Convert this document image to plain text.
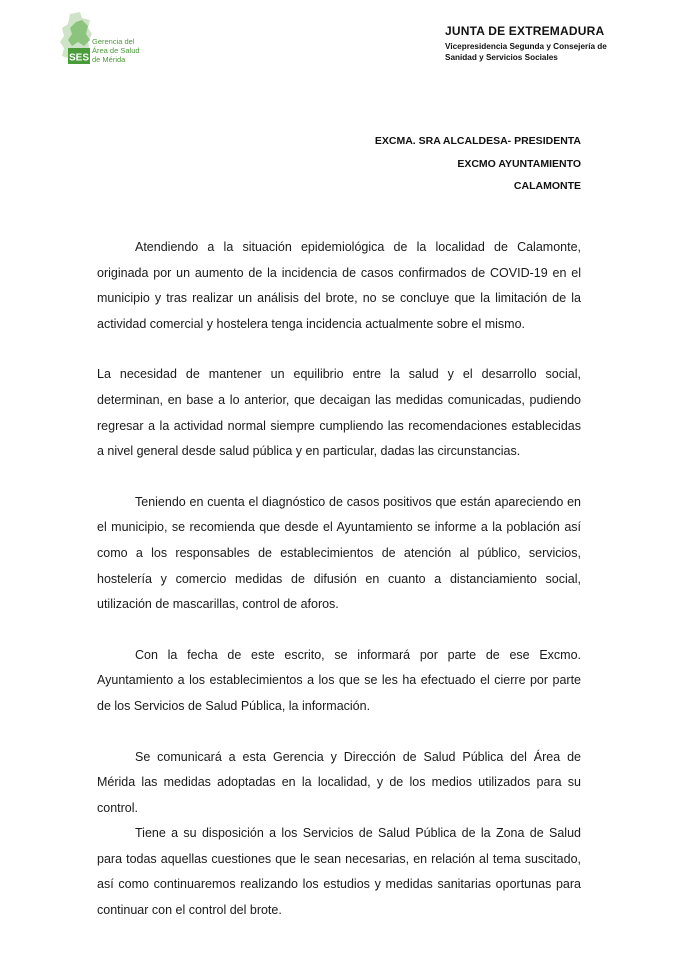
SES
Gerencia del
Área de Salud
de Mérida
JUNTA DE EXTREMADURA
Vicepresidencia Segunda y Consejería de
Sanidad y Servicios Sociales
EXCMA. SRA ALCALDESA- PRESIDENTA
EXCMO AYUNTAMIENTO
CALAMONTE

Atendiendo a la situación epidemiológica de la localidad de Calamonte, originada por un aumento de la incidencia de casos confirmados de COVID-19 en el municipio y tras realizar un análisis del brote, no se concluye que la limitación de la actividad comercial y hostelera tenga incidencia actualmente sobre el mismo.

La necesidad de mantener un equilibrio entre la salud y el desarrollo social, determinan, en base a lo anterior, que decaigan las medidas comunicadas, pudiendo regresar a la actividad normal siempre cumpliendo las recomendaciones establecidas a nivel general desde salud pública y en particular, dadas las circunstancias.

Teniendo en cuenta el diagnóstico de casos positivos que están apareciendo en el municipio, se recomienda que desde el Ayuntamiento se informe a la población así como a los responsables de establecimientos de atención al público, servicios, hostelería y comercio medidas de difusión en cuanto a distanciamiento social, utilización de mascarillas, control de aforos.

Con la fecha de este escrito, se informará por parte de ese Excmo. Ayuntamiento a los establecimientos a los que se les ha efectuado el cierre por parte de los Servicios de Salud Pública, la información.

Se comunicará a esta Gerencia y Dirección de Salud Pública del Área de Mérida las medidas adoptadas en la localidad, y de los medios utilizados para su control.

Tiene a su disposición a los Servicios de Salud Pública de la Zona de Salud para todas aquellas cuestiones que le sean necesarias, en relación al tema suscitado, así como continuaremos realizando los estudios y medidas sanitarias oportunas para continuar con el control del brote.
